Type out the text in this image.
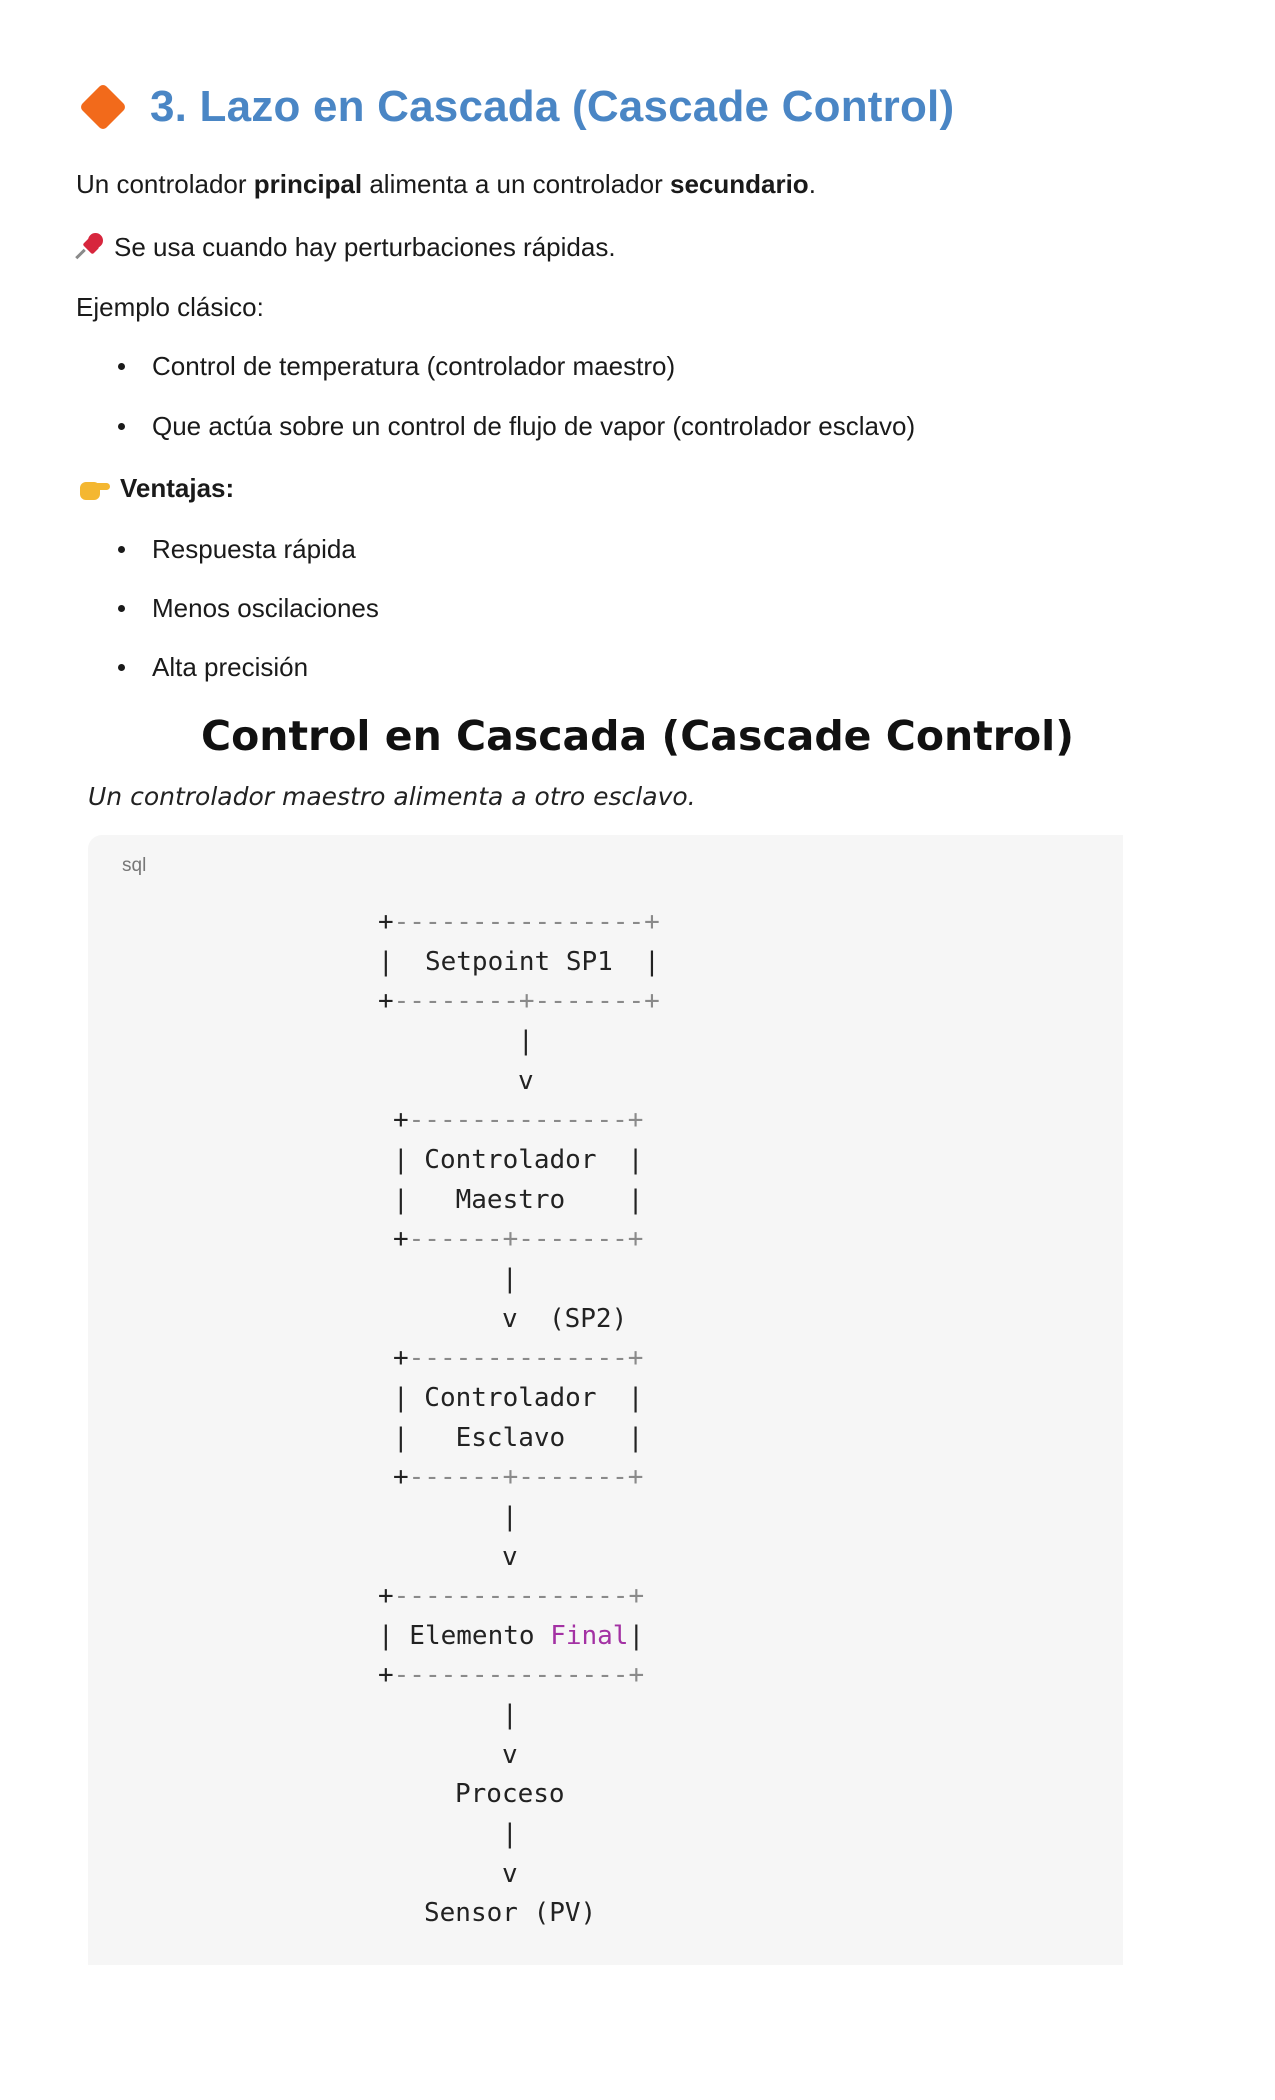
3. Lazo en Cascada (Cascade Control)
Un controlador principal alimenta a un controlador secundario.
Se usa cuando hay perturbaciones rápidas.
Ejemplo clásico:
Control de temperatura (controlador maestro)
Que actúa sobre un control de flujo de vapor (controlador esclavo)
Ventajas:
Respuesta rápida
Menos oscilaciones
Alta precisión
Control en Cascada (Cascade Control)
Un controlador maestro alimenta a otro esclavo.
sql
+----------------+
|  Setpoint SP1  |
+--------+-------+
|
v
+--------------+
| Controlador  |
|   Maestro    |
+------+-------+
|
v  (SP2)
+--------------+
| Controlador  |
|   Esclavo    |
+------+-------+
|
v
+---------------+
| Elemento Final|
+---------------+
|
v
Proceso
|
v
Sensor (PV)
